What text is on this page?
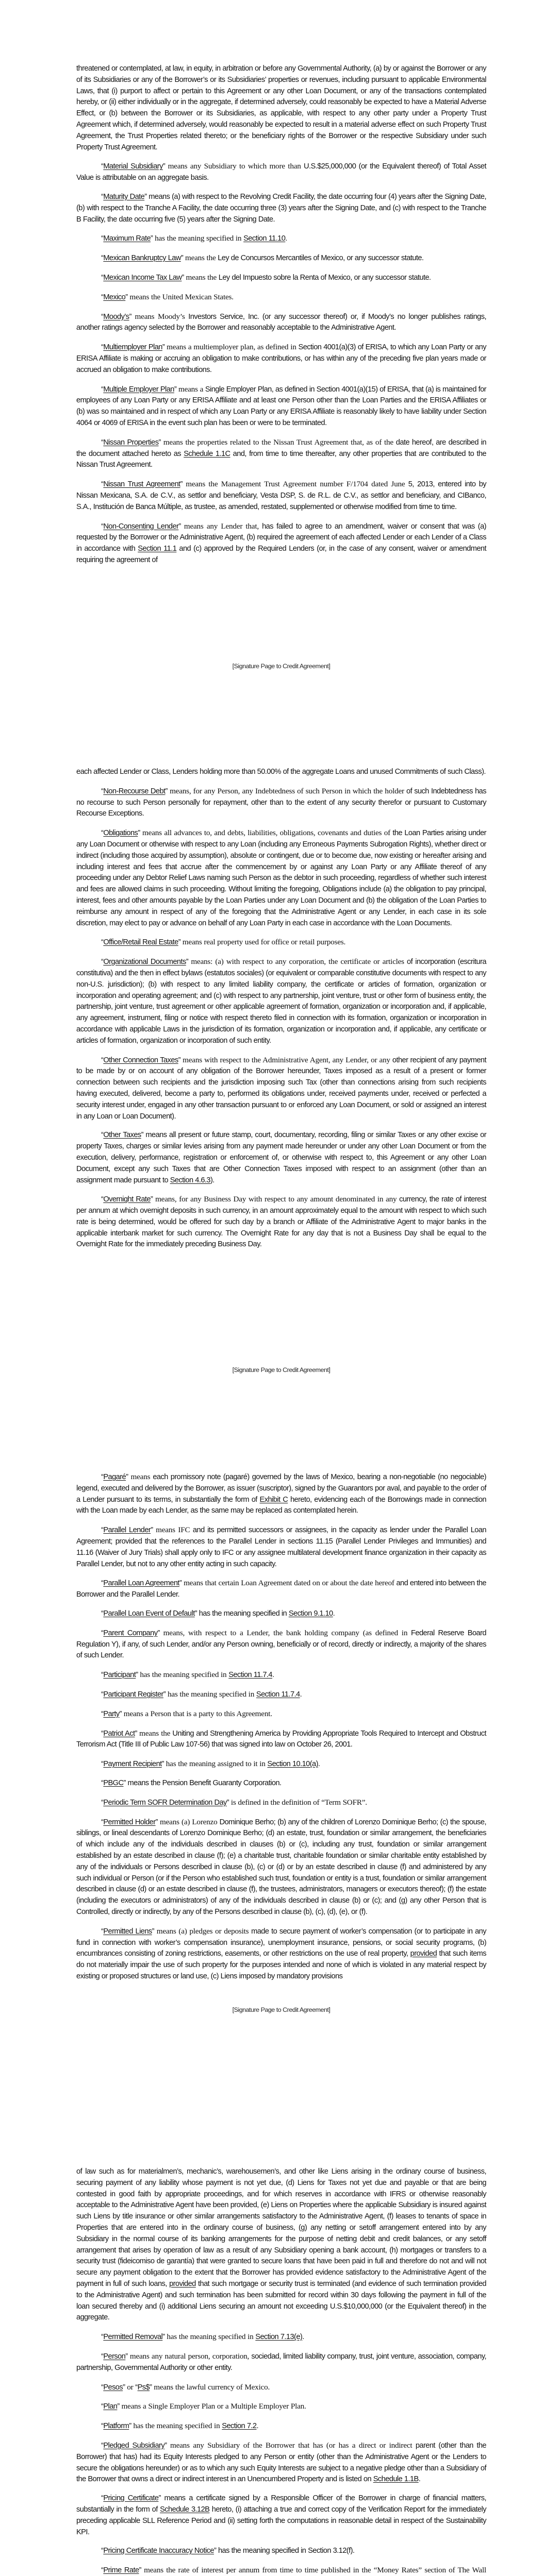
threatened or contemplated, at law, in equity, in arbitration or before any Governmental Authority, (a) by or against the Borrower or any of its Subsidiaries or any of the Borrower’s or its Subsidiaries’ properties or revenues, including pursuant to applicable Environmental Laws, that (i) purport to affect or pertain to this Agreement or any other Loan Document, or any of the transactions contemplated hereby, or (ii) either individually or in the aggregate, if determined adversely, could reasonably be expected to have a Material Adverse Effect, or (b) between the Borrower or its Subsidiaries, as applicable, with respect to any other party under a Property Trust Agreement which, if determined adversely, would reasonably be expected to result in a material adverse effect on such Property Trust Agreement, the Trust Properties related thereto; or the beneficiary rights of the Borrower or the respective Subsidiary under such Property Trust Agreement.

“Material Subsidiary” means any Subsidiary to which more than U.S.$25,000,000 (or the Equivalent thereof) of Total Asset Value is attributable on an aggregate basis.

“Maturity Date” means (a) with respect to the Revolving Credit Facility, the date occurring four (4) years after the Signing Date, (b) with respect to the Tranche A Facility, the date occurring three (3) years after the Signing Date, and (c) with respect to the Tranche B Facility, the date occurring five (5) years after the Signing Date.

“Maximum Rate” has the meaning specified in Section 11.10.

“Mexican Bankruptcy Law” means the Ley de Concursos Mercantiles of Mexico, or any successor statute.

“Mexican Income Tax Law” means the Ley del Impuesto sobre la Renta of Mexico, or any successor statute.

“Mexico” means the United Mexican States.

“Moody’s” means Moody’s Investors Service, Inc. (or any successor thereof) or, if Moody’s no longer publishes ratings, another ratings agency selected by the Borrower and reasonably acceptable to the Administrative Agent.

“Multiemployer Plan” means a multiemployer plan, as defined in Section 4001(a)(3) of ERISA, to which any Loan Party or any ERISA Affiliate is making or accruing an obligation to make contributions, or has within any of the preceding five plan years made or accrued an obligation to make contributions.

“Multiple Employer Plan” means a Single Employer Plan, as defined in Section 4001(a)(15) of ERISA, that (a) is maintained for employees of any Loan Party or any ERISA Affiliate and at least one Person other than the Loan Parties and the ERISA Affiliates or (b) was so maintained and in respect of which any Loan Party or any ERISA Affiliate is reasonably likely to have liability under Section 4064 or 4069 of ERISA in the event such plan has been or were to be terminated.

“Nissan Properties” means the properties related to the Nissan Trust Agreement that, as of the date hereof, are described in the document attached hereto as Schedule 1.1C and, from time to time thereafter, any other properties that are contributed to the Nissan Trust Agreement.

“Nissan Trust Agreement” means the Management Trust Agreement number F/1704 dated June 5, 2013, entered into by Nissan Mexicana, S.A. de C.V., as settlor and beneficiary, Vesta DSP, S. de R.L. de C.V., as settlor and beneficiary, and CIBanco, S.A., Institución de Banca Múltiple, as trustee, as amended, restated, supplemented or otherwise modified from time to time.

“Non-Consenting Lender” means any Lender that, has failed to agree to an amendment, waiver or consent that was (a) requested by the Borrower or the Administrative Agent, (b) required the agreement of each affected Lender or each Lender of a Class in accordance with Section 11.1 and (c) approved by the Required Lenders (or, in the case of any consent, waiver or amendment requiring the agreement of

[Signature Page to Credit Agreement]

each affected Lender or Class, Lenders holding more than 50.00% of the aggregate Loans and unused Commitments of such Class).

“Non-Recourse Debt” means, for any Person, any Indebtedness of such Person in which the holder of such Indebtedness has no recourse to such Person personally for repayment, other than to the extent of any security therefor or pursuant to Customary Recourse Exceptions.

“Obligations” means all advances to, and debts, liabilities, obligations, covenants and duties of the Loan Parties arising under any Loan Document or otherwise with respect to any Loan (including any Erroneous Payments Subrogation Rights), whether direct or indirect (including those acquired by assumption), absolute or contingent, due or to become due, now existing or hereafter arising and including interest and fees that accrue after the commencement by or against any Loan Party or any Affiliate thereof of any proceeding under any Debtor Relief Laws naming such Person as the debtor in such proceeding, regardless of whether such interest and fees are allowed claims in such proceeding. Without limiting the foregoing, Obligations include (a) the obligation to pay principal, interest, fees and other amounts payable by the Loan Parties under any Loan Document and (b) the obligation of the Loan Parties to reimburse any amount in respect of any of the foregoing that the Administrative Agent or any Lender, in each case in its sole discretion, may elect to pay or advance on behalf of any Loan Party in each case in accordance with the Loan Documents.

“Office/Retail Real Estate” means real property used for office or retail purposes.

“Organizational Documents” means: (a) with respect to any corporation, the certificate or articles of incorporation (escritura constitutiva) and the then in effect bylaws (estatutos sociales) (or equivalent or comparable constitutive documents with respect to any non-U.S. jurisdiction); (b) with respect to any limited liability company, the certificate or articles of formation, organization or incorporation and operating agreement; and (c) with respect to any partnership, joint venture, trust or other form of business entity, the partnership, joint venture, trust agreement or other applicable agreement of formation, organization or incorporation and, if applicable, any agreement, instrument, filing or notice with respect thereto filed in connection with its formation, organization or incorporation in accordance with applicable Laws in the jurisdiction of its formation, organization or incorporation and, if applicable, any certificate or articles of formation, organization or incorporation of such entity.

“Other Connection Taxes” means with respect to the Administrative Agent, any Lender, or any other recipient of any payment to be made by or on account of any obligation of the Borrower hereunder, Taxes imposed as a result of a present or former connection between such recipients and the jurisdiction imposing such Tax (other than connections arising from such recipients having executed, delivered, become a party to, performed its obligations under, received payments under, received or perfected a security interest under, engaged in any other transaction pursuant to or enforced any Loan Document, or sold or assigned an interest in any Loan or Loan Document).

“Other Taxes” means all present or future stamp, court, documentary, recording, filing or similar Taxes or any other excise or property Taxes, charges or similar levies arising from any payment made hereunder or under any other Loan Document or from the execution, delivery, performance, registration or enforcement of, or otherwise with respect to, this Agreement or any other Loan Document, except any such Taxes that are Other Connection Taxes imposed with respect to an assignment (other than an assignment made pursuant to Section 4.6.3).

“Overnight Rate” means, for any Business Day with respect to any amount denominated in any currency, the rate of interest per annum at which overnight deposits in such currency, in an amount approximately equal to the amount with respect to which such rate is being determined, would be offered for such day by a branch or Affiliate of the Administrative Agent to major banks in the applicable interbank market for such currency. The Overnight Rate for any day that is not a Business Day shall be equal to the Overnight Rate for the immediately preceding Business Day.

[Signature Page to Credit Agreement]

“Pagaré” means each promissory note (pagaré) governed by the laws of Mexico, bearing a non-negotiable (no negociable) legend, executed and delivered by the Borrower, as issuer (suscriptor), signed by the Guarantors por aval, and payable to the order of a Lender pursuant to its terms, in substantially the form of Exhibit C hereto, evidencing each of the Borrowings made in connection with the Loan made by each Lender, as the same may be replaced as contemplated herein.

“Parallel Lender” means IFC and its permitted successors or assignees, in the capacity as lender under the Parallel Loan Agreement; provided that the references to the Parallel Lender in sections 11.15 (Parallel Lender Privileges and Immunities) and 11.16 (Waiver of Jury Trials) shall apply only to IFC or any assignee multilateral development finance organization in their capacity as Parallel Lender, but not to any other entity acting in such capacity.

“Parallel Loan Agreement” means that certain Loan Agreement dated on or about the date hereof and entered into between the Borrower and the Parallel Lender.

“Parallel Loan Event of Default” has the meaning specified in Section 9.1.10.

“Parent Company” means, with respect to a Lender, the bank holding company (as defined in Federal Reserve Board Regulation Y), if any, of such Lender, and/or any Person owning, beneficially or of record, directly or indirectly, a majority of the shares of such Lender.

“Participant” has the meaning specified in Section 11.7.4.

“Participant Register” has the meaning specified in Section 11.7.4.

“Party” means a Person that is a party to this Agreement.

“Patriot Act” means the Uniting and Strengthening America by Providing Appropriate Tools Required to Intercept and Obstruct Terrorism Act (Title III of Public Law 107-56) that was signed into law on October 26, 2001.

“Payment Recipient” has the meaning assigned to it in Section 10.10(a).

“PBGC” means the Pension Benefit Guaranty Corporation.

“Periodic Term SOFR Determination Day” is defined in the definition of “Term SOFR”.

“Permitted Holder” means (a) Lorenzo Dominique Berho; (b) any of the children of Lorenzo Dominique Berho; (c) the spouse, siblings, or lineal descendants of Lorenzo Dominique Berho; (d) an estate, trust, foundation or similar arrangement, the beneficiaries of which include any of the individuals described in clauses (b) or (c), including any trust, foundation or similar arrangement established by an estate described in clause (f); (e) a charitable trust, charitable foundation or similar charitable entity established by any of the individuals or Persons described in clause (b), (c) or (d) or by an estate described in clause (f) and administered by any such individual or Person (or if the Person who established such trust, foundation or entity is a trust, foundation or similar arrangement described in clause (d) or an estate described in clause (f), the trustees, administrators, managers or executors thereof); (f) the estate (including the executors or administrators) of any of the individuals described in clause (b) or (c); and (g) any other Person that is Controlled, directly or indirectly, by any of the Persons described in clause (b), (c), (d), (e), or (f).

“Permitted Liens” means (a) pledges or deposits made to secure payment of worker’s compensation (or to participate in any fund in connection with worker’s compensation insurance), unemployment insurance, pensions, or social security programs, (b) encumbrances consisting of zoning restrictions, easements, or other restrictions on the use of real property, provided that such items do not materially impair the use of such property for the purposes intended and none of which is violated in any material respect by existing or proposed structures or land use, (c) Liens imposed by mandatory provisions

[Signature Page to Credit Agreement]

of law such as for materialmen’s, mechanic’s, warehousemen’s, and other like Liens arising in the ordinary course of business, securing payment of any liability whose payment is not yet due, (d) Liens for Taxes not yet due and payable or that are being contested in good faith by appropriate proceedings, and for which reserves in accordance with IFRS or otherwise reasonably acceptable to the Administrative Agent have been provided, (e) Liens on Properties where the applicable Subsidiary is insured against such Liens by title insurance or other similar arrangements satisfactory to the Administrative Agent, (f) leases to tenants of space in Properties that are entered into in the ordinary course of business, (g) any netting or setoff arrangement entered into by any Subsidiary in the normal course of its banking arrangements for the purpose of netting debit and credit balances, or any setoff arrangement that arises by operation of law as a result of any Subsidiary opening a bank account, (h) mortgages or transfers to a security trust (fideicomiso de garantía) that were granted to secure loans that have been paid in full and therefore do not and will not secure any payment obligation to the extent that the Borrower has provided evidence satisfactory to the Administrative Agent of the payment in full of such loans, provided that such mortgage or security trust is terminated (and evidence of such termination provided to the Administrative Agent) and such termination has been submitted for record within 30 days following the payment in full of the loan secured thereby and (i) additional Liens securing an amount not exceeding U.S.$10,000,000 (or the Equivalent thereof) in the aggregate.

“Permitted Removal” has the meaning specified in Section 7.13(e).

“Person” means any natural person, corporation, sociedad, limited liability company, trust, joint venture, association, company, partnership, Governmental Authority or other entity.

“Pesos” or “Ps$” means the lawful currency of Mexico.

“Plan” means a Single Employer Plan or a Multiple Employer Plan.

“Platform” has the meaning specified in Section 7.2.

“Pledged Subsidiary” means any Subsidiary of the Borrower that has (or has a direct or indirect parent (other than the Borrower) that has) had its Equity Interests pledged to any Person or entity (other than the Administrative Agent or the Lenders to secure the obligations hereunder) or as to which any such Equity Interests are subject to a negative pledge other than a Subsidiary of the Borrower that owns a direct or indirect interest in an Unencumbered Property and is listed on Schedule 1.1B.

“Pricing Certificate” means a certificate signed by a Responsible Officer of the Borrower in charge of financial matters, substantially in the form of Schedule 3.12B hereto, (i) attaching a true and correct copy of the Verification Report for the immediately preceding applicable SLL Reference Period and (ii) setting forth the computations in reasonable detail in respect of the Sustainability KPI.

“Pricing Certificate Inaccuracy Notice” has the meaning specified in Section 3.12(f).

“Prime Rate” means the rate of interest per annum from time to time published in the “Money Rates” section of The Wall
